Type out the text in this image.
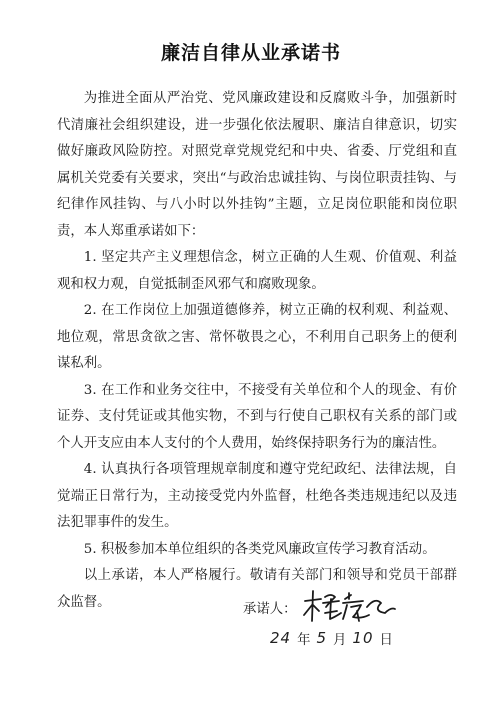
廉洁自律从业承诺书

为推进全面从严治党、党风廉政建设和反腐败斗争，加强新时代清廉社会组织建设，进一步强化依法履职、廉洁自律意识，切实做好廉政风险防控。对照党章党规党纪和中央、省委、厅党组和直属机关党委有关要求，突出“与政治忠诚挂钩、与岗位职责挂钩、与纪律作风挂钩、与八小时以外挂钩”主题，立足岗位职能和岗位职责，本人郑重承诺如下：

1. 坚定共产主义理想信念，树立正确的人生观、价值观、利益观和权力观，自觉抵制歪风邪气和腐败现象。

2. 在工作岗位上加强道德修养，树立正确的权利观、利益观、地位观，常思贪欲之害、常怀敬畏之心，不利用自己职务上的便利谋私利。

3. 在工作和业务交往中，不接受有关单位和个人的现金、有价证券、支付凭证或其他实物，不到与行使自己职权有关系的部门或个人开支应由本人支付的个人费用，始终保持职务行为的廉洁性。

4. 认真执行各项管理规章制度和遵守党纪政纪、法律法规，自觉端正日常行为，主动接受党内外监督，杜绝各类违规违纪以及违法犯罪事件的发生。

5. 积极参加本单位组织的各类党风廉政宣传学习教育活动。

以上承诺，本人严格履行。敬请有关部门和领导和党员干部群众监督。	承诺人：
24 年 5 月 10 日
